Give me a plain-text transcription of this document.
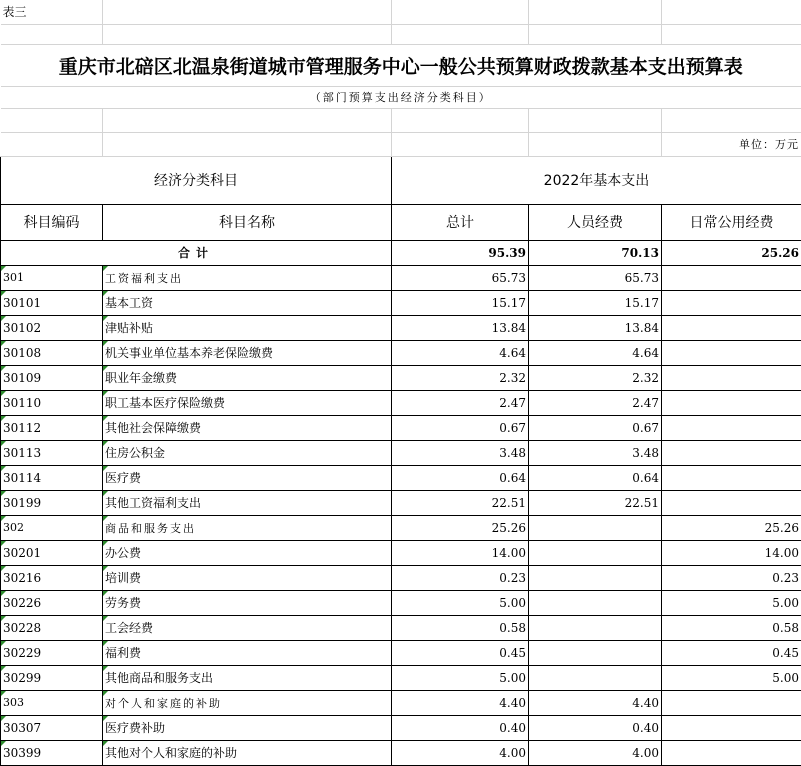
表三				

重庆市北碚区北温泉街道城市管理服务中心一般公共预算财政拨款基本支出预算表				
（部门预算支出经济分类科目）				

				单位：万元
经济分类科目		2022年基本支出		
科目编码	科目名称	总计	人员经费	日常公用经费
合计		95.39	70.13	25.26
301	工资福利支出	65.73	65.73	
30101	基本工资	15.17	15.17	
30102	津贴补贴	13.84	13.84	
30108	机关事业单位基本养老保险缴费	4.64	4.64	
30109	职业年金缴费	2.32	2.32	
30110	职工基本医疗保险缴费	2.47	2.47	
30112	其他社会保障缴费	0.67	0.67	
30113	住房公积金	3.48	3.48	
30114	医疗费	0.64	0.64	
30199	其他工资福利支出	22.51	22.51	
302	商品和服务支出	25.26		25.26
30201	办公费	14.00		14.00
30216	培训费	0.23		0.23
30226	劳务费	5.00		5.00
30228	工会经费	0.58		0.58
30229	福利费	0.45		0.45
30299	其他商品和服务支出	5.00		5.00
303	对个人和家庭的补助	4.40	4.40	
30307	医疗费补助	0.40	0.40	
30399	其他对个人和家庭的补助	4.00	4.00	
